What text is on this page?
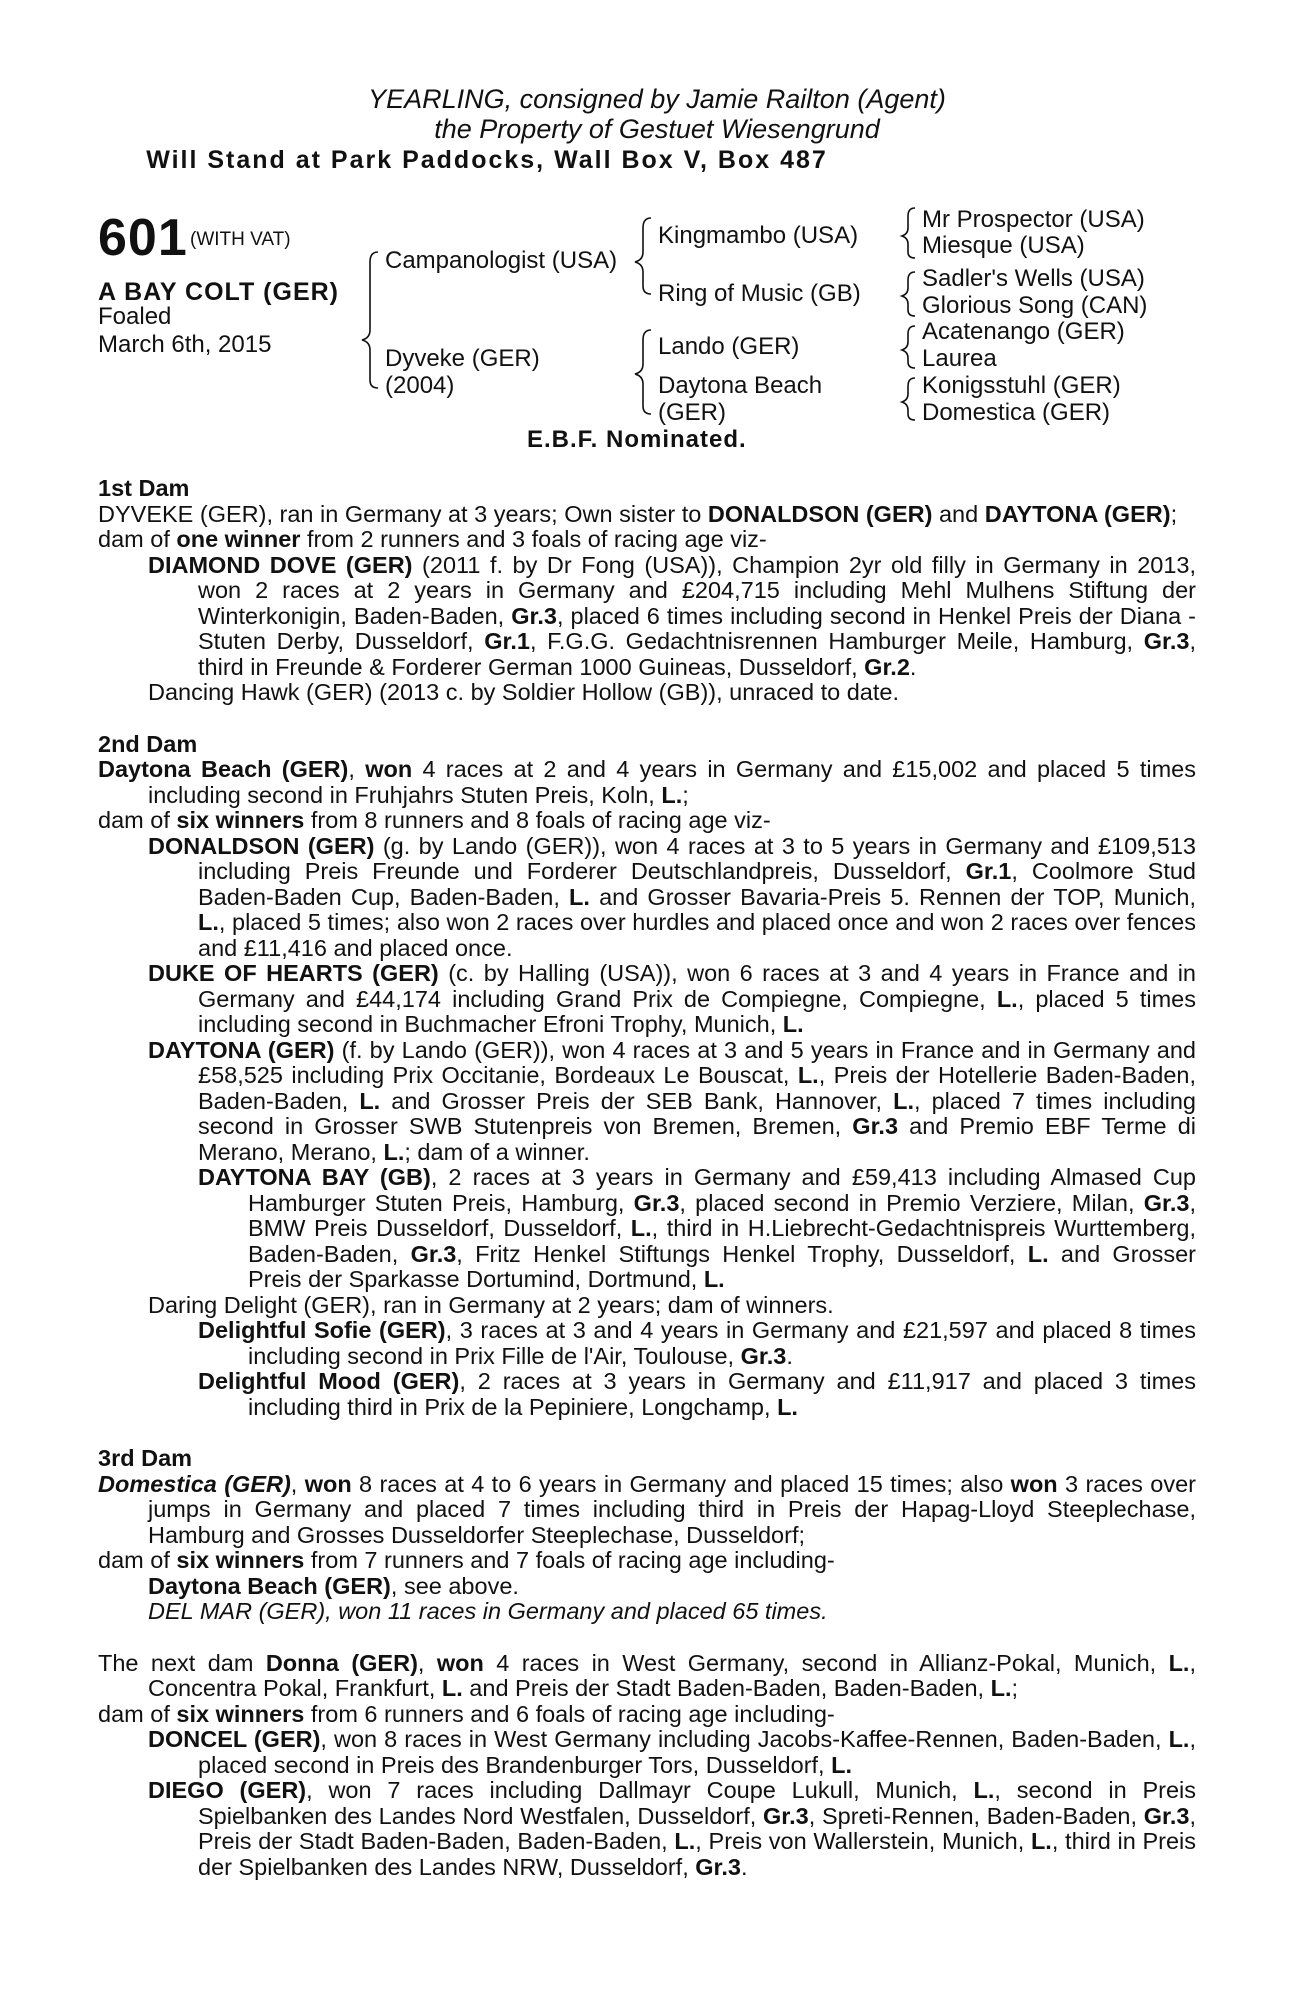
YEARLING, consigned by Jamie Railton (Agent)
the Property of Gestuet Wiesengrund
Will Stand at Park Paddocks, Wall Box V, Box 487
601 (WITH VAT)
A BAY COLT (GER)
Foaled
March 6th, 2015
Campanologist (USA)
Dyveke (GER)
(2004)
Kingmambo (USA)
Ring of Music (GB)
Lando (GER)
Daytona Beach
(GER)
Mr Prospector (USA)
Miesque (USA)
Sadler's Wells (USA)
Glorious Song (CAN)
Acatenango (GER)
Laurea
Konigsstuhl (GER)
Domestica (GER)
E.B.F. Nominated.
1st Dam

DYVEKE (GER), ran in Germany at 3 years; Own sister to DONALDSON (GER) and DAYTONA (GER);

dam of one winner from 2 runners and 3 foals of racing age viz-

DIAMOND DOVE (GER) (2011 f. by Dr Fong (USA)), Champion 2yr old filly in Germany in 2013, won 2 races at 2 years in Germany and £204,715 including Mehl Mulhens Stiftung der Winterkonigin, Baden-Baden, Gr.3, placed 6 times including second in Henkel Preis der Diana - Stuten Derby, Dusseldorf, Gr.1, F.G.G. Gedachtnisrennen Hamburger Meile, Hamburg, Gr.3, third in Freunde & Forderer German 1000 Guineas, Dusseldorf, Gr.2.

Dancing Hawk (GER) (2013 c. by Soldier Hollow (GB)), unraced to date.

2nd Dam

Daytona Beach (GER), won 4 races at 2 and 4 years in Germany and £15,002 and placed 5 times including second in Fruhjahrs Stuten Preis, Koln, L.;

dam of six winners from 8 runners and 8 foals of racing age viz-

DONALDSON (GER) (g. by Lando (GER)), won 4 races at 3 to 5 years in Germany and £109,513 including Preis Freunde und Forderer Deutschlandpreis, Dusseldorf, Gr.1, Coolmore Stud Baden-Baden Cup, Baden-Baden, L. and Grosser Bavaria-Preis 5. Rennen der TOP, Munich, L., placed 5 times; also won 2 races over hurdles and placed once and won 2 races over fences and £11,416 and placed once.

DUKE OF HEARTS (GER) (c. by Halling (USA)), won 6 races at 3 and 4 years in France and in Germany and £44,174 including Grand Prix de Compiegne, Compiegne, L., placed 5 times including second in Buchmacher Efroni Trophy, Munich, L.

DAYTONA (GER) (f. by Lando (GER)), won 4 races at 3 and 5 years in France and in Germany and £58,525 including Prix Occitanie, Bordeaux Le Bouscat, L., Preis der Hotellerie Baden-Baden, Baden-Baden, L. and Grosser Preis der SEB Bank, Hannover, L., placed 7 times including second in Grosser SWB Stutenpreis von Bremen, Bremen, Gr.3 and Premio EBF Terme di Merano, Merano, L.; dam of a winner.

DAYTONA BAY (GB), 2 races at 3 years in Germany and £59,413 including Almased Cup Hamburger Stuten Preis, Hamburg, Gr.3, placed second in Premio Verziere, Milan, Gr.3, BMW Preis Dusseldorf, Dusseldorf, L., third in H.Liebrecht-Gedachtnispreis Wurttemberg, Baden-Baden, Gr.3, Fritz Henkel Stiftungs Henkel Trophy, Dusseldorf, L. and Grosser Preis der Sparkasse Dortumind, Dortmund, L.

Daring Delight (GER), ran in Germany at 2 years; dam of winners.

Delightful Sofie (GER), 3 races at 3 and 4 years in Germany and £21,597 and placed 8 times including second in Prix Fille de l'Air, Toulouse, Gr.3.

Delightful Mood (GER), 2 races at 3 years in Germany and £11,917 and placed 3 times including third in Prix de la Pepiniere, Longchamp, L.

3rd Dam

Domestica (GER), won 8 races at 4 to 6 years in Germany and placed 15 times; also won 3 races over jumps in Germany and placed 7 times including third in Preis der Hapag-Lloyd Steeplechase, Hamburg and Grosses Dusseldorfer Steeplechase, Dusseldorf;

dam of six winners from 7 runners and 7 foals of racing age including-

Daytona Beach (GER), see above.

DEL MAR (GER), won 11 races in Germany and placed 65 times.

The next dam Donna (GER), won 4 races in West Germany, second in Allianz-Pokal, Munich, L., Concentra Pokal, Frankfurt, L. and Preis der Stadt Baden-Baden, Baden-Baden, L.;

dam of six winners from 6 runners and 6 foals of racing age including-

DONCEL (GER), won 8 races in West Germany including Jacobs-Kaffee-Rennen, Baden-Baden, L., placed second in Preis des Brandenburger Tors, Dusseldorf, L.

DIEGO (GER), won 7 races including Dallmayr Coupe Lukull, Munich, L., second in Preis Spielbanken des Landes Nord Westfalen, Dusseldorf, Gr.3, Spreti-Rennen, Baden-Baden, Gr.3, Preis der Stadt Baden-Baden, Baden-Baden, L., Preis von Wallerstein, Munich, L., third in Preis der Spielbanken des Landes NRW, Dusseldorf, Gr.3.
